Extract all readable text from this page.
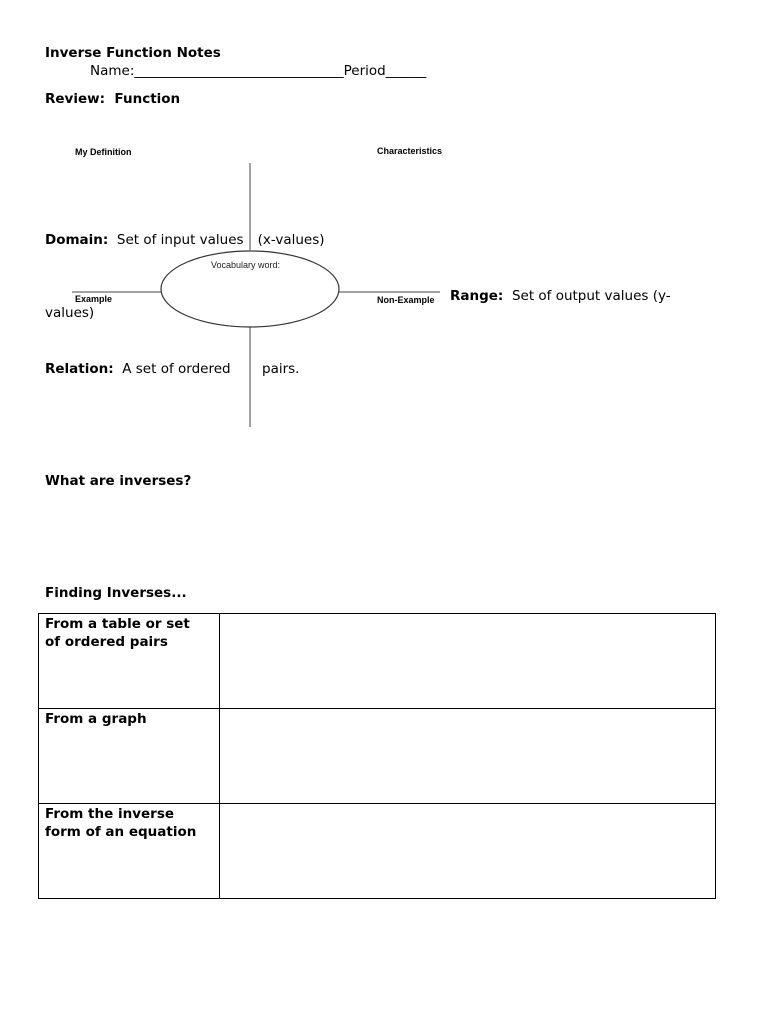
Inverse Function Notes
Name:_______________________________Period______
Review: Function
My Definition	Characteristics
Vocabulary word:
Example	Non-Example
Domain: Set of input values (x-values)
Range: Set of output values (y-
values)
Relation: A set of ordered pairs.
What are inverses?
Finding Inverses...
From a table or set
of ordered pairs	

From a graph	

From the inverse
form of an equation	
